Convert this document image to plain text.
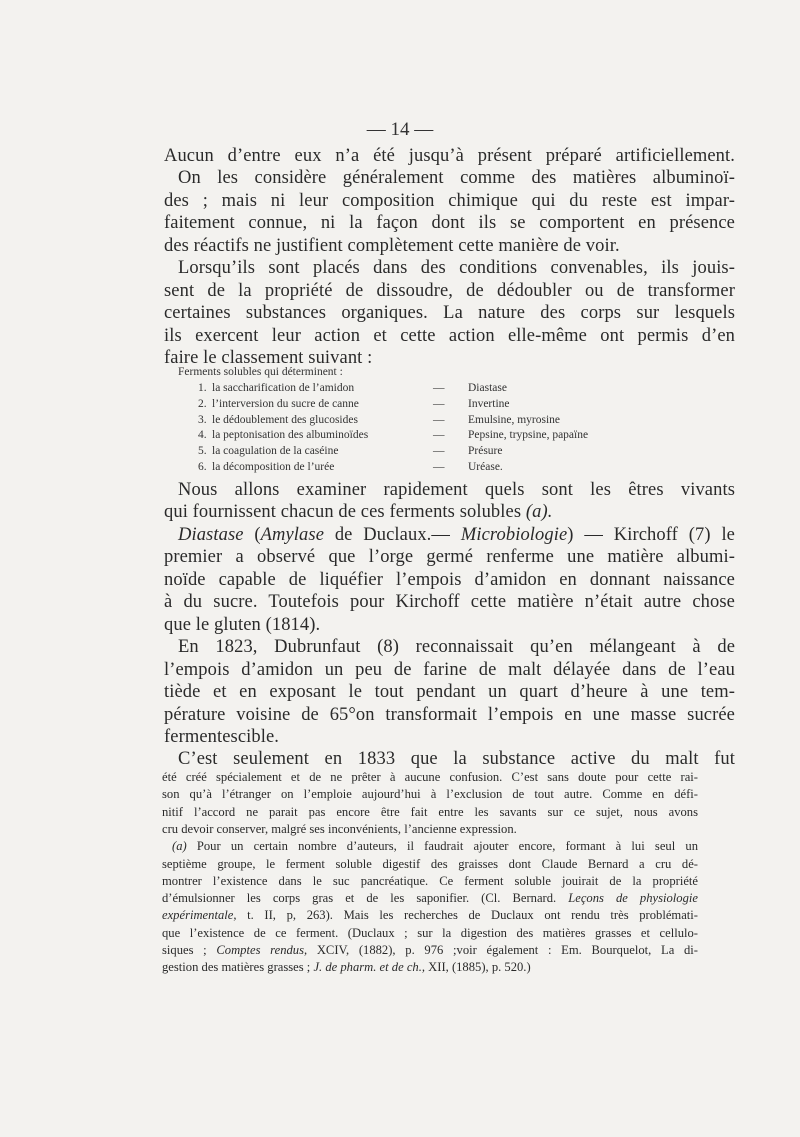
— 14 —
Aucun d’entre eux n’a été jusqu’à présent préparé artificiellement.
On les considère généralement comme des matières albuminoï-
des ; mais ni leur composition chimique qui du reste est impar-
faitement connue, ni la façon dont ils se comportent en présence
des réactifs ne justifient complètement cette manière de voir.
Lorsqu’ils sont placés dans des conditions convenables, ils jouis-
sent de la propriété de dissoudre, de dédoubler ou de transformer
certaines substances organiques. La nature des corps sur lesquels
ils exercent leur action et cette action elle-même ont permis d’en
faire le classement suivant :
Ferments solubles qui déterminent :
1. la saccharification de l’amidon	— Diastase
2. l’interversion du sucre de canne	— Invertine
3. le dédoublement des glucosides	— Emulsine, myrosine
4. la peptonisation des albuminoïdes	— Pepsine, trypsine, papaïne
5. la coagulation de la caséine	— Présure
6. la décomposition de l’urée	— Uréase.
Nous allons examiner rapidement quels sont les êtres vivants
qui fournissent chacun de ces ferments solubles (a).
Diastase (Amylase de Duclaux.— Microbiologie) — Kirchoff (7) le
premier a observé que l’orge germé renferme une matière albumi-
noïde capable de liquéfier l’empois d’amidon en donnant naissance
à du sucre. Toutefois pour Kirchoff cette matière n’était autre chose
que le gluten (1814).
En 1823, Dubrunfaut (8) reconnaissait qu’en mélangeant à de
l’empois d’amidon un peu de farine de malt délayée dans de l’eau
tiède et en exposant le tout pendant un quart d’heure à une tem-
pérature voisine de 65°on transformait l’empois en une masse sucrée
fermentescible.
C’est seulement en 1833 que la substance active du malt fut
été créé spécialement et de ne prêter à aucune confusion. C’est sans doute pour cette rai-
son qu’à l’étranger on l’emploie aujourd’hui à l’exclusion de tout autre. Comme en défi-
nitif l’accord ne parait pas encore être fait entre les savants sur ce sujet, nous avons
cru devoir conserver, malgré ses inconvénients, l’ancienne expression.
(a) Pour un certain nombre d’auteurs, il faudrait ajouter encore, formant à lui seul un
septième groupe, le ferment soluble digestif des graisses dont Claude Bernard a cru dé-
montrer l’existence dans le suc pancréatique. Ce ferment soluble jouirait de la propriété
d’émulsionner les corps gras et de les saponifier. (Cl. Bernard. Leçons de physiologie
expérimentale, t. II, p, 263). Mais les recherches de Duclaux ont rendu très problémati-
que l’existence de ce ferment. (Duclaux ; sur la digestion des matières grasses et cellulo-
siques ; Comptes rendus, XCIV, (1882), p. 976 ;voir également : Em. Bourquelot, La di-
gestion des matières grasses ; J. de pharm. et de ch., XII, (1885), p. 520.)
